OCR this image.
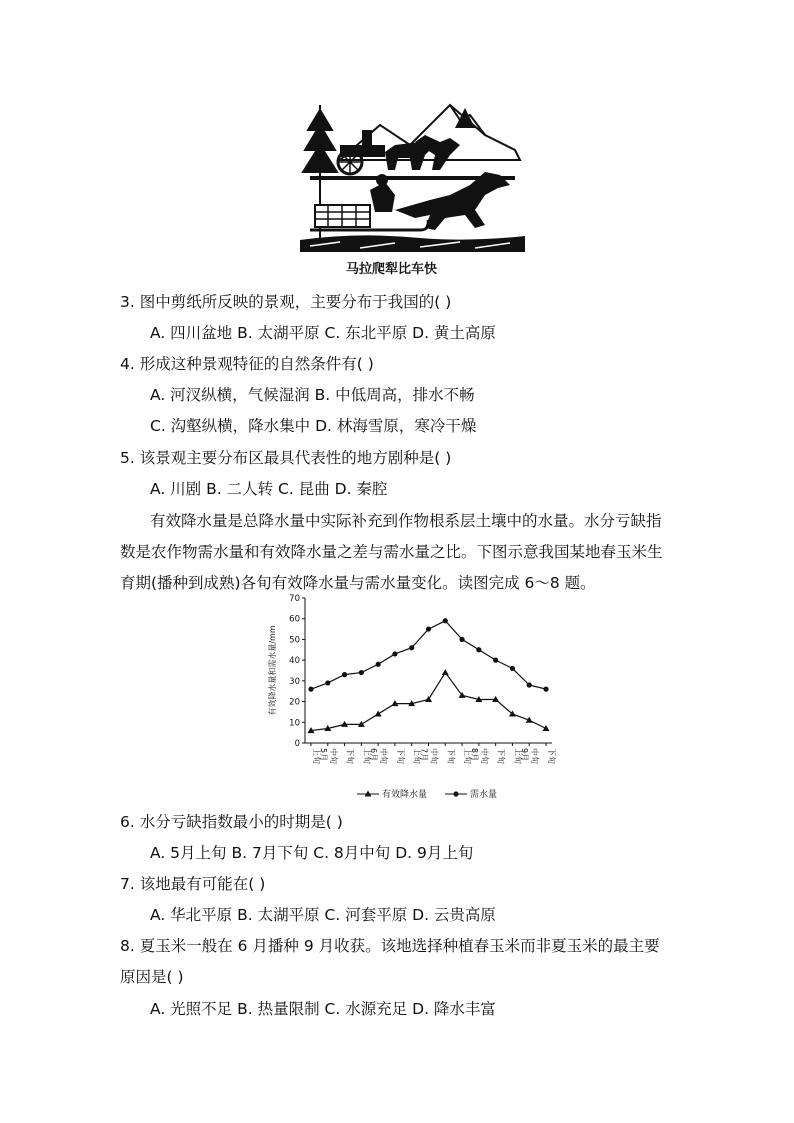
马拉爬犁比车快
3. 图中剪纸所反映的景观，主要分布于我国的( )
A. 四川盆地 B. 太湖平原 C. 东北平原 D. 黄土高原
4. 形成这种景观特征的自然条件有( )
A. 河汊纵横，气候湿润 B. 中低周高，排水不畅
C. 沟壑纵横，降水集中 D. 林海雪原，寒冷干燥
5. 该景观主要分布区最具代表性的地方剧种是( )
A. 川剧 B. 二人转 C. 昆曲 D. 秦腔
有效降水量是总降水量中实际补充到作物根系层土壤中的水量。水分亏缺指
数是农作物需水量和有效降水量之差与需水量之比。下图示意我国某地春玉米生
育期(播种到成熟)各旬有效降水量与需水量变化。读图完成 6～8 题。
0
10
20
30
40
50
60
70
有效降水量和需水量/mm
上旬 中旬 下旬 上旬 中旬 下旬 上旬 中旬 下旬 上旬 中旬 下旬 上旬 中旬 下旬
5月	6月	7月	8月	9月
有效降水量	需水量
6. 水分亏缺指数最小的时期是( )
A. 5月上旬 B. 7月下旬 C. 8月中旬 D. 9月上旬
7. 该地最有可能在( )
A. 华北平原 B. 太湖平原 C. 河套平原 D. 云贵高原
8. 夏玉米一般在 6 月播种 9 月收获。该地选择种植春玉米而非夏玉米的最主要
原因是( )
A. 光照不足 B. 热量限制 C. 水源充足 D. 降水丰富
